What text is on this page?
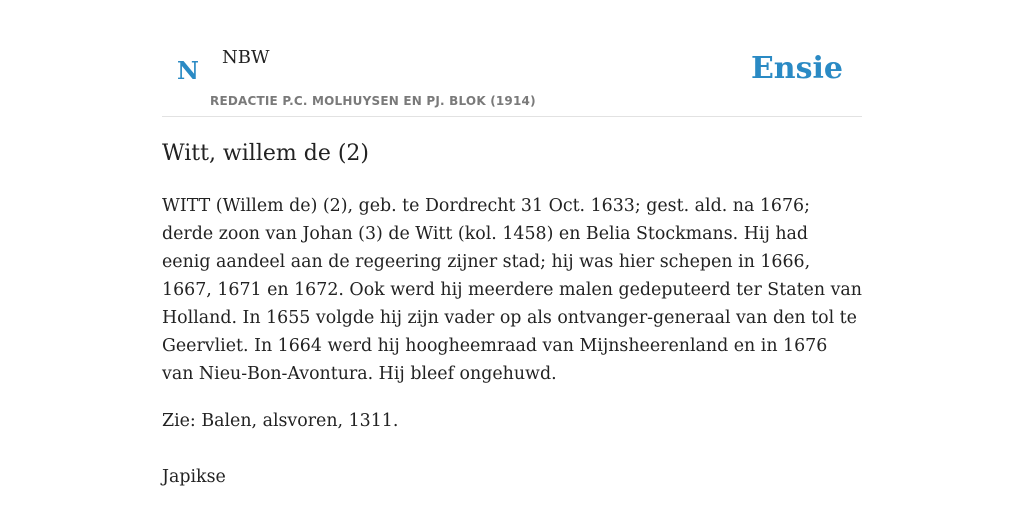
N NBW
REDACTIE P.C. MOLHUYSEN EN PJ. BLOK (1914)
Ensie
Witt, willem de (2)

WITT (Willem de) (2), geb. te Dordrecht 31 Oct. 1633; gest. ald. na 1676; derde zoon van Johan (3) de Witt (kol. 1458) en Belia Stockmans. Hij had eenig aandeel aan de regeering zijner stad; hij was hier schepen in 1666, 1667, 1671 en 1672. Ook werd hij meerdere malen gedeputeerd ter Staten van Holland. In 1655 volgde hij zijn vader op als ontvanger-generaal van den tol te Geervliet. In 1664 werd hij hoogheemraad van Mijnsheerenland en in 1676 van Nieu-Bon-Avontura. Hij bleef ongehuwd.

Zie: Balen, alsvoren, 1311.

Japikse
